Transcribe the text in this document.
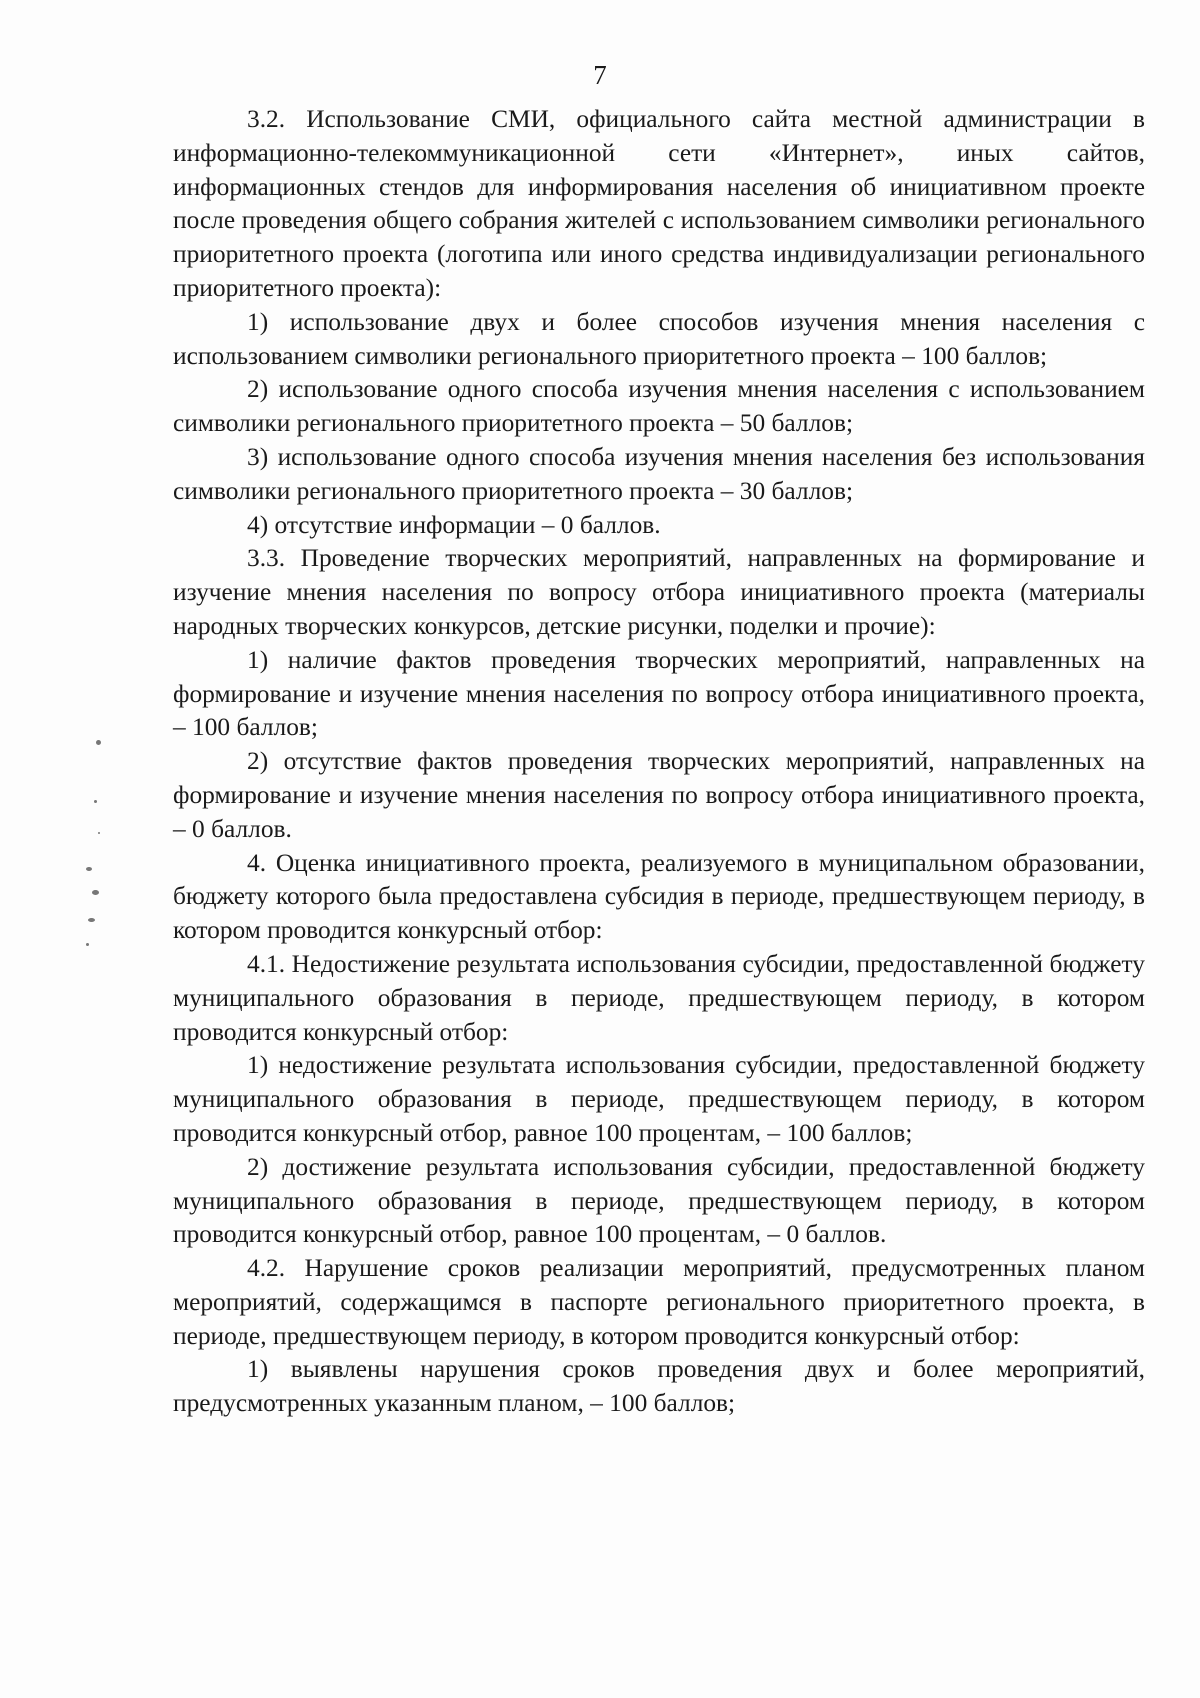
7

3.2. Использование СМИ, официального сайта местной администрации в информационно-телекоммуникационной сети «Интернет», иных сайтов, информационных стендов для информирования населения об инициативном проекте после проведения общего собрания жителей с использованием символики регионального приоритетного проекта (логотипа или иного средства индивидуализации регионального приоритетного проекта):

1) использование двух и более способов изучения мнения населения с использованием символики регионального приоритетного проекта – 100 баллов;

2) использование одного способа изучения мнения населения с использованием символики регионального приоритетного проекта – 50 баллов;

3) использование одного способа изучения мнения населения без использования символики регионального приоритетного проекта – 30 баллов;

4) отсутствие информации – 0 баллов.

3.3. Проведение творческих мероприятий, направленных на формирование и изучение мнения населения по вопросу отбора инициативного проекта (материалы народных творческих конкурсов, детские рисунки, поделки и прочие):

1) наличие фактов проведения творческих мероприятий, направленных на формирование и изучение мнения населения по вопросу отбора инициативного проекта, – 100 баллов;

2) отсутствие фактов проведения творческих мероприятий, направленных на формирование и изучение мнения населения по вопросу отбора инициативного проекта, – 0 баллов.

4. Оценка инициативного проекта, реализуемого в муниципальном образовании, бюджету которого была предоставлена субсидия в периоде, предшествующем периоду, в котором проводится конкурсный отбор:

4.1. Недостижение результата использования субсидии, предоставленной бюджету муниципального образования в периоде, предшествующем периоду, в котором проводится конкурсный отбор:

1) недостижение результата использования субсидии, предоставленной бюджету муниципального образования в периоде, предшествующем периоду, в котором проводится конкурсный отбор, равное 100 процентам, – 100 баллов;

2) достижение результата использования субсидии, предоставленной бюджету муниципального образования в периоде, предшествующем периоду, в котором проводится конкурсный отбор, равное 100 процентам, – 0 баллов.

4.2. Нарушение сроков реализации мероприятий, предусмотренных планом мероприятий, содержащимся в паспорте регионального приоритетного проекта, в периоде, предшествующем периоду, в котором проводится конкурсный отбор:

1) выявлены нарушения сроков проведения двух и более мероприятий, предусмотренных указанным планом, – 100 баллов;
